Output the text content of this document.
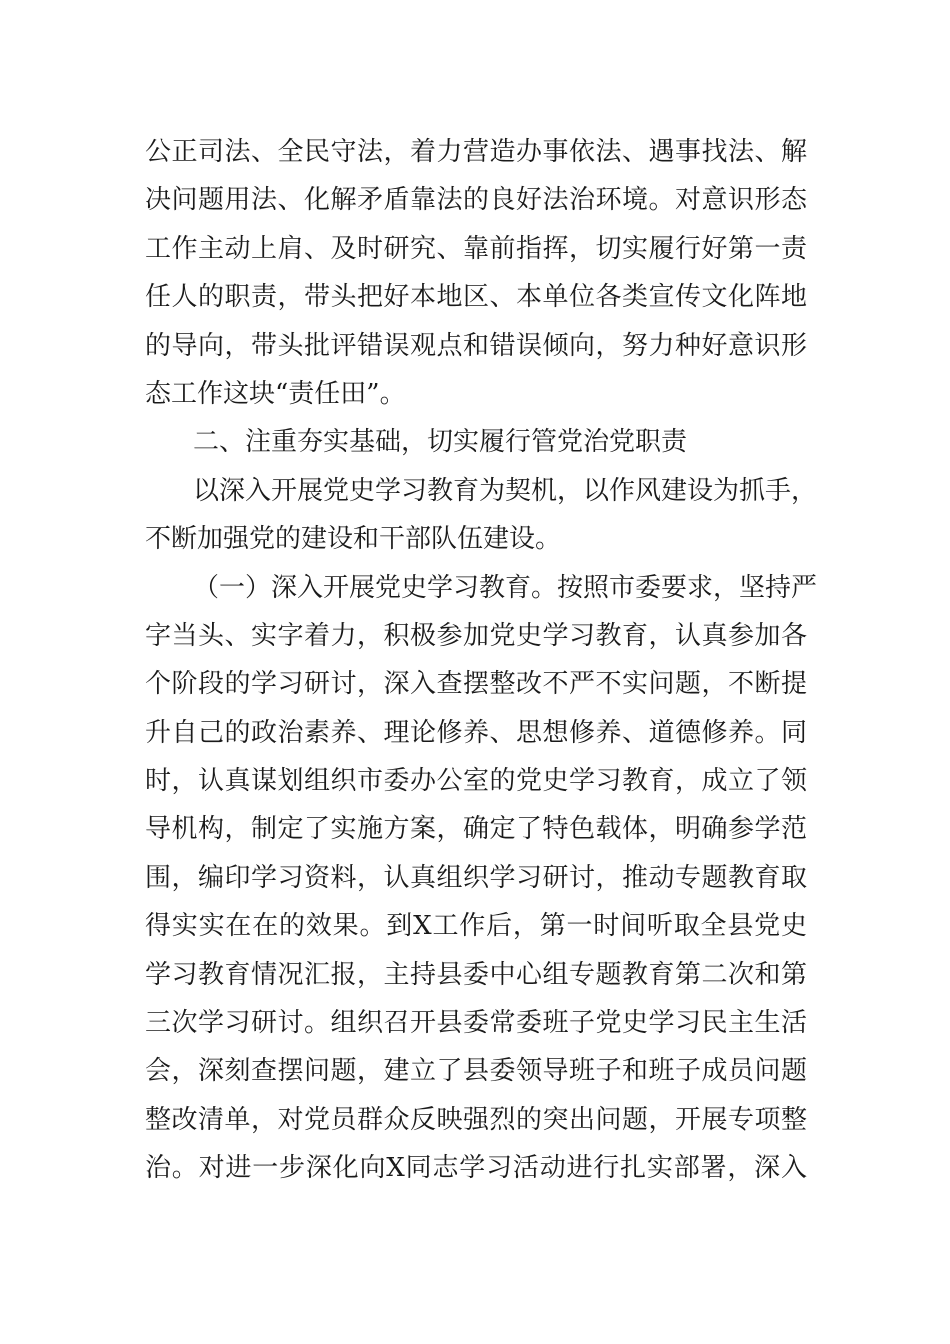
公正司法、全民守法，着力营造办事依法、遇事找法、解
决问题用法、化解矛盾靠法的良好法治环境。对意识形态
工作主动上肩、及时研究、靠前指挥，切实履行好第一责
任人的职责，带头把好本地区、本单位各类宣传文化阵地
的导向，带头批评错误观点和错误倾向，努力种好意识形
态工作这块“责任田”。
二、注重夯实基础，切实履行管党治党职责
以深入开展党史学习教育为契机，以作风建设为抓手，
不断加强党的建设和干部队伍建设。
（一）深入开展党史学习教育。按照市委要求，坚持严
字当头、实字着力，积极参加党史学习教育，认真参加各
个阶段的学习研讨，深入查摆整改不严不实问题，不断提
升自己的政治素养、理论修养、思想修养、道德修养。同
时，认真谋划组织市委办公室的党史学习教育，成立了领
导机构，制定了实施方案，确定了特色载体，明确参学范
围，编印学习资料，认真组织学习研讨，推动专题教育取
得实实在在的效果。到X工作后，第一时间听取全县党史
学习教育情况汇报，主持县委中心组专题教育第二次和第
三次学习研讨。组织召开县委常委班子党史学习民主生活
会，深刻查摆问题，建立了县委领导班子和班子成员问题
整改清单，对党员群众反映强烈的突出问题，开展专项整
治。对进一步深化向X同志学习活动进行扎实部署，深入
